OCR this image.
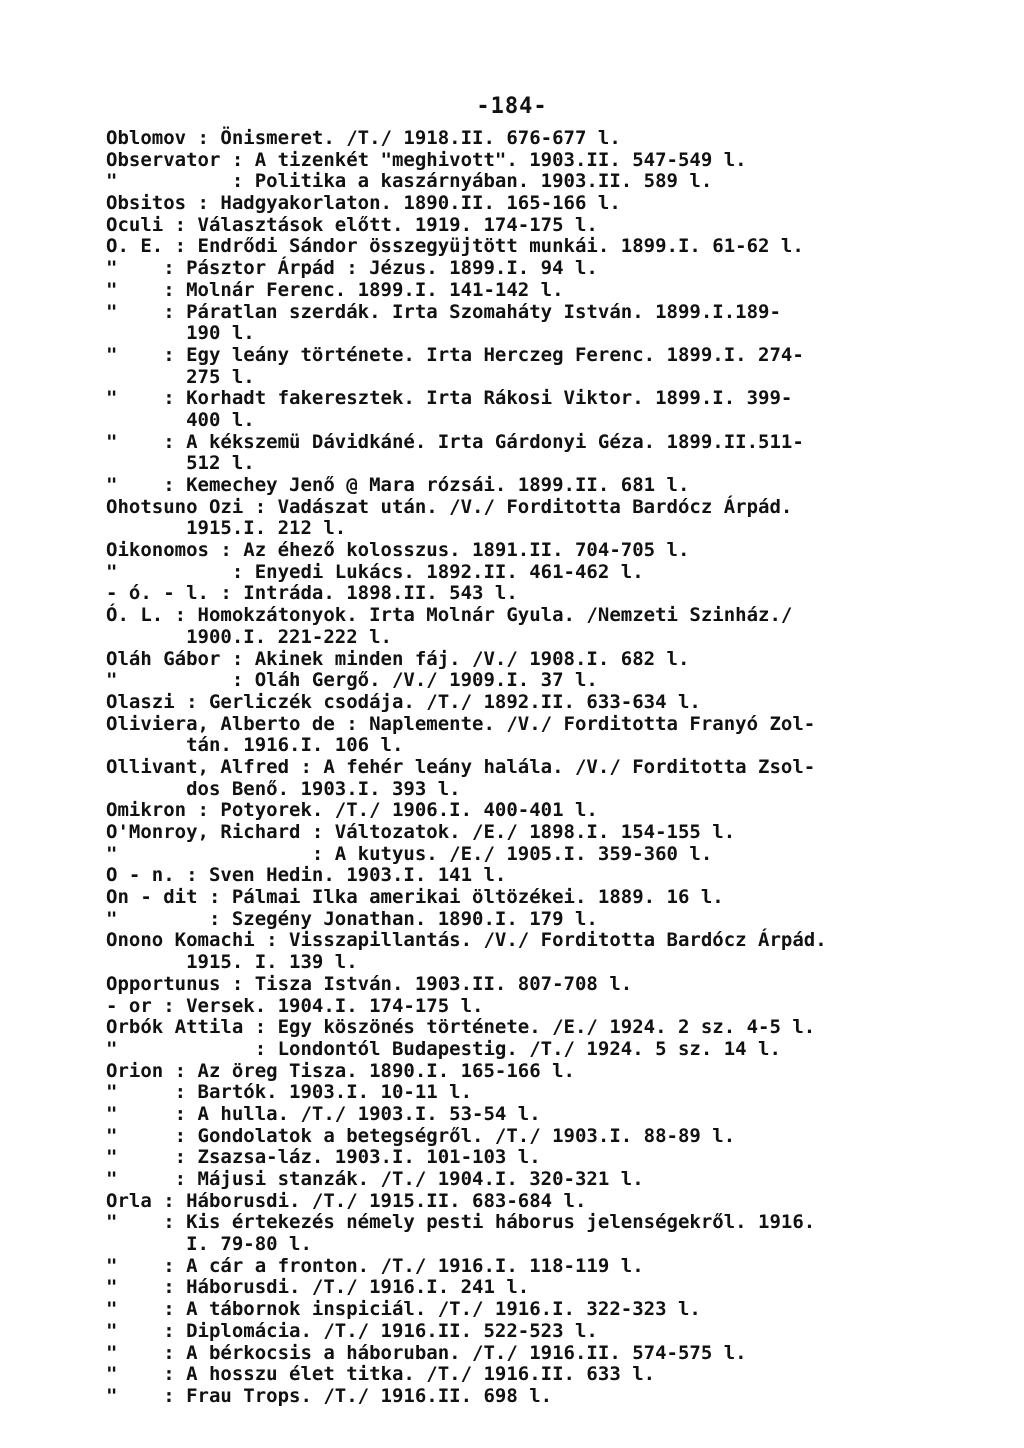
-184-
Oblomov : Önismeret. /T./ 1918.II. 676-677 l.
Observator : A tizenkét "meghivott". 1903.II. 547-549 l.
"          : Politika a kaszárnyában. 1903.II. 589 l.
Obsitos : Hadgyakorlaton. 1890.II. 165-166 l.
Oculi : Választások előtt. 1919. 174-175 l.
O. E. : Endrődi Sándor összegyüjtött munkái. 1899.I. 61-62 l.
"    : Pásztor Árpád : Jézus. 1899.I. 94 l.
"    : Molnár Ferenc. 1899.I. 141-142 l.
"    : Páratlan szerdák. Irta Szomaháty István. 1899.I.189-
190 l.
"    : Egy leány története. Irta Herczeg Ferenc. 1899.I. 274-
275 l.
"    : Korhadt fakeresztek. Irta Rákosi Viktor. 1899.I. 399-
400 l.
"    : A kékszemü Dávidkáné. Irta Gárdonyi Géza. 1899.II.511-
512 l.
"    : Kemechey Jenő @ Mara rózsái. 1899.II. 681 l.
Ohotsuno Ozi : Vadászat után. /V./ Forditotta Bardócz Árpád.
1915.I. 212 l.
Oikonomos : Az éhező kolosszus. 1891.II. 704-705 l.
"          : Enyedi Lukács. 1892.II. 461-462 l.
- ó. - l. : Intráda. 1898.II. 543 l.
Ó. L. : Homokzátonyok. Irta Molnár Gyula. /Nemzeti Szinház./
1900.I. 221-222 l.
Oláh Gábor : Akinek minden fáj. /V./ 1908.I. 682 l.
"          : Oláh Gergő. /V./ 1909.I. 37 l.
Olaszi : Gerliczék csodája. /T./ 1892.II. 633-634 l.
Oliviera, Alberto de : Naplemente. /V./ Forditotta Franyó Zol-
tán. 1916.I. 106 l.
Ollivant, Alfred : A fehér leány halála. /V./ Forditotta Zsol-
dos Benő. 1903.I. 393 l.
Omikron : Potyorek. /T./ 1906.I. 400-401 l.
O'Monroy, Richard : Változatok. /E./ 1898.I. 154-155 l.
"                 : A kutyus. /E./ 1905.I. 359-360 l.
O - n. : Sven Hedin. 1903.I. 141 l.
On - dit : Pálmai Ilka amerikai öltözékei. 1889. 16 l.
"        : Szegény Jonathan. 1890.I. 179 l.
Onono Komachi : Visszapillantás. /V./ Forditotta Bardócz Árpád.
1915. I. 139 l.
Opportunus : Tisza István. 1903.II. 807-708 l.
- or : Versek. 1904.I. 174-175 l.
Orbók Attila : Egy köszönés története. /E./ 1924. 2 sz. 4-5 l.
"            : Londontól Budapestig. /T./ 1924. 5 sz. 14 l.
Orion : Az öreg Tisza. 1890.I. 165-166 l.
"     : Bartók. 1903.I. 10-11 l.
"     : A hulla. /T./ 1903.I. 53-54 l.
"     : Gondolatok a betegségről. /T./ 1903.I. 88-89 l.
"     : Zsazsa-láz. 1903.I. 101-103 l.
"     : Májusi stanzák. /T./ 1904.I. 320-321 l.
Orla : Háborusdi. /T./ 1915.II. 683-684 l.
"    : Kis értekezés némely pesti háborus jelenségekről. 1916.
I. 79-80 l.
"    : A cár a fronton. /T./ 1916.I. 118-119 l.
"    : Háborusdi. /T./ 1916.I. 241 l.
"    : A tábornok inspiciál. /T./ 1916.I. 322-323 l.
"    : Diplomácia. /T./ 1916.II. 522-523 l.
"    : A bérkocsis a háboruban. /T./ 1916.II. 574-575 l.
"    : A hosszu élet titka. /T./ 1916.II. 633 l.
"    : Frau Trops. /T./ 1916.II. 698 l.
